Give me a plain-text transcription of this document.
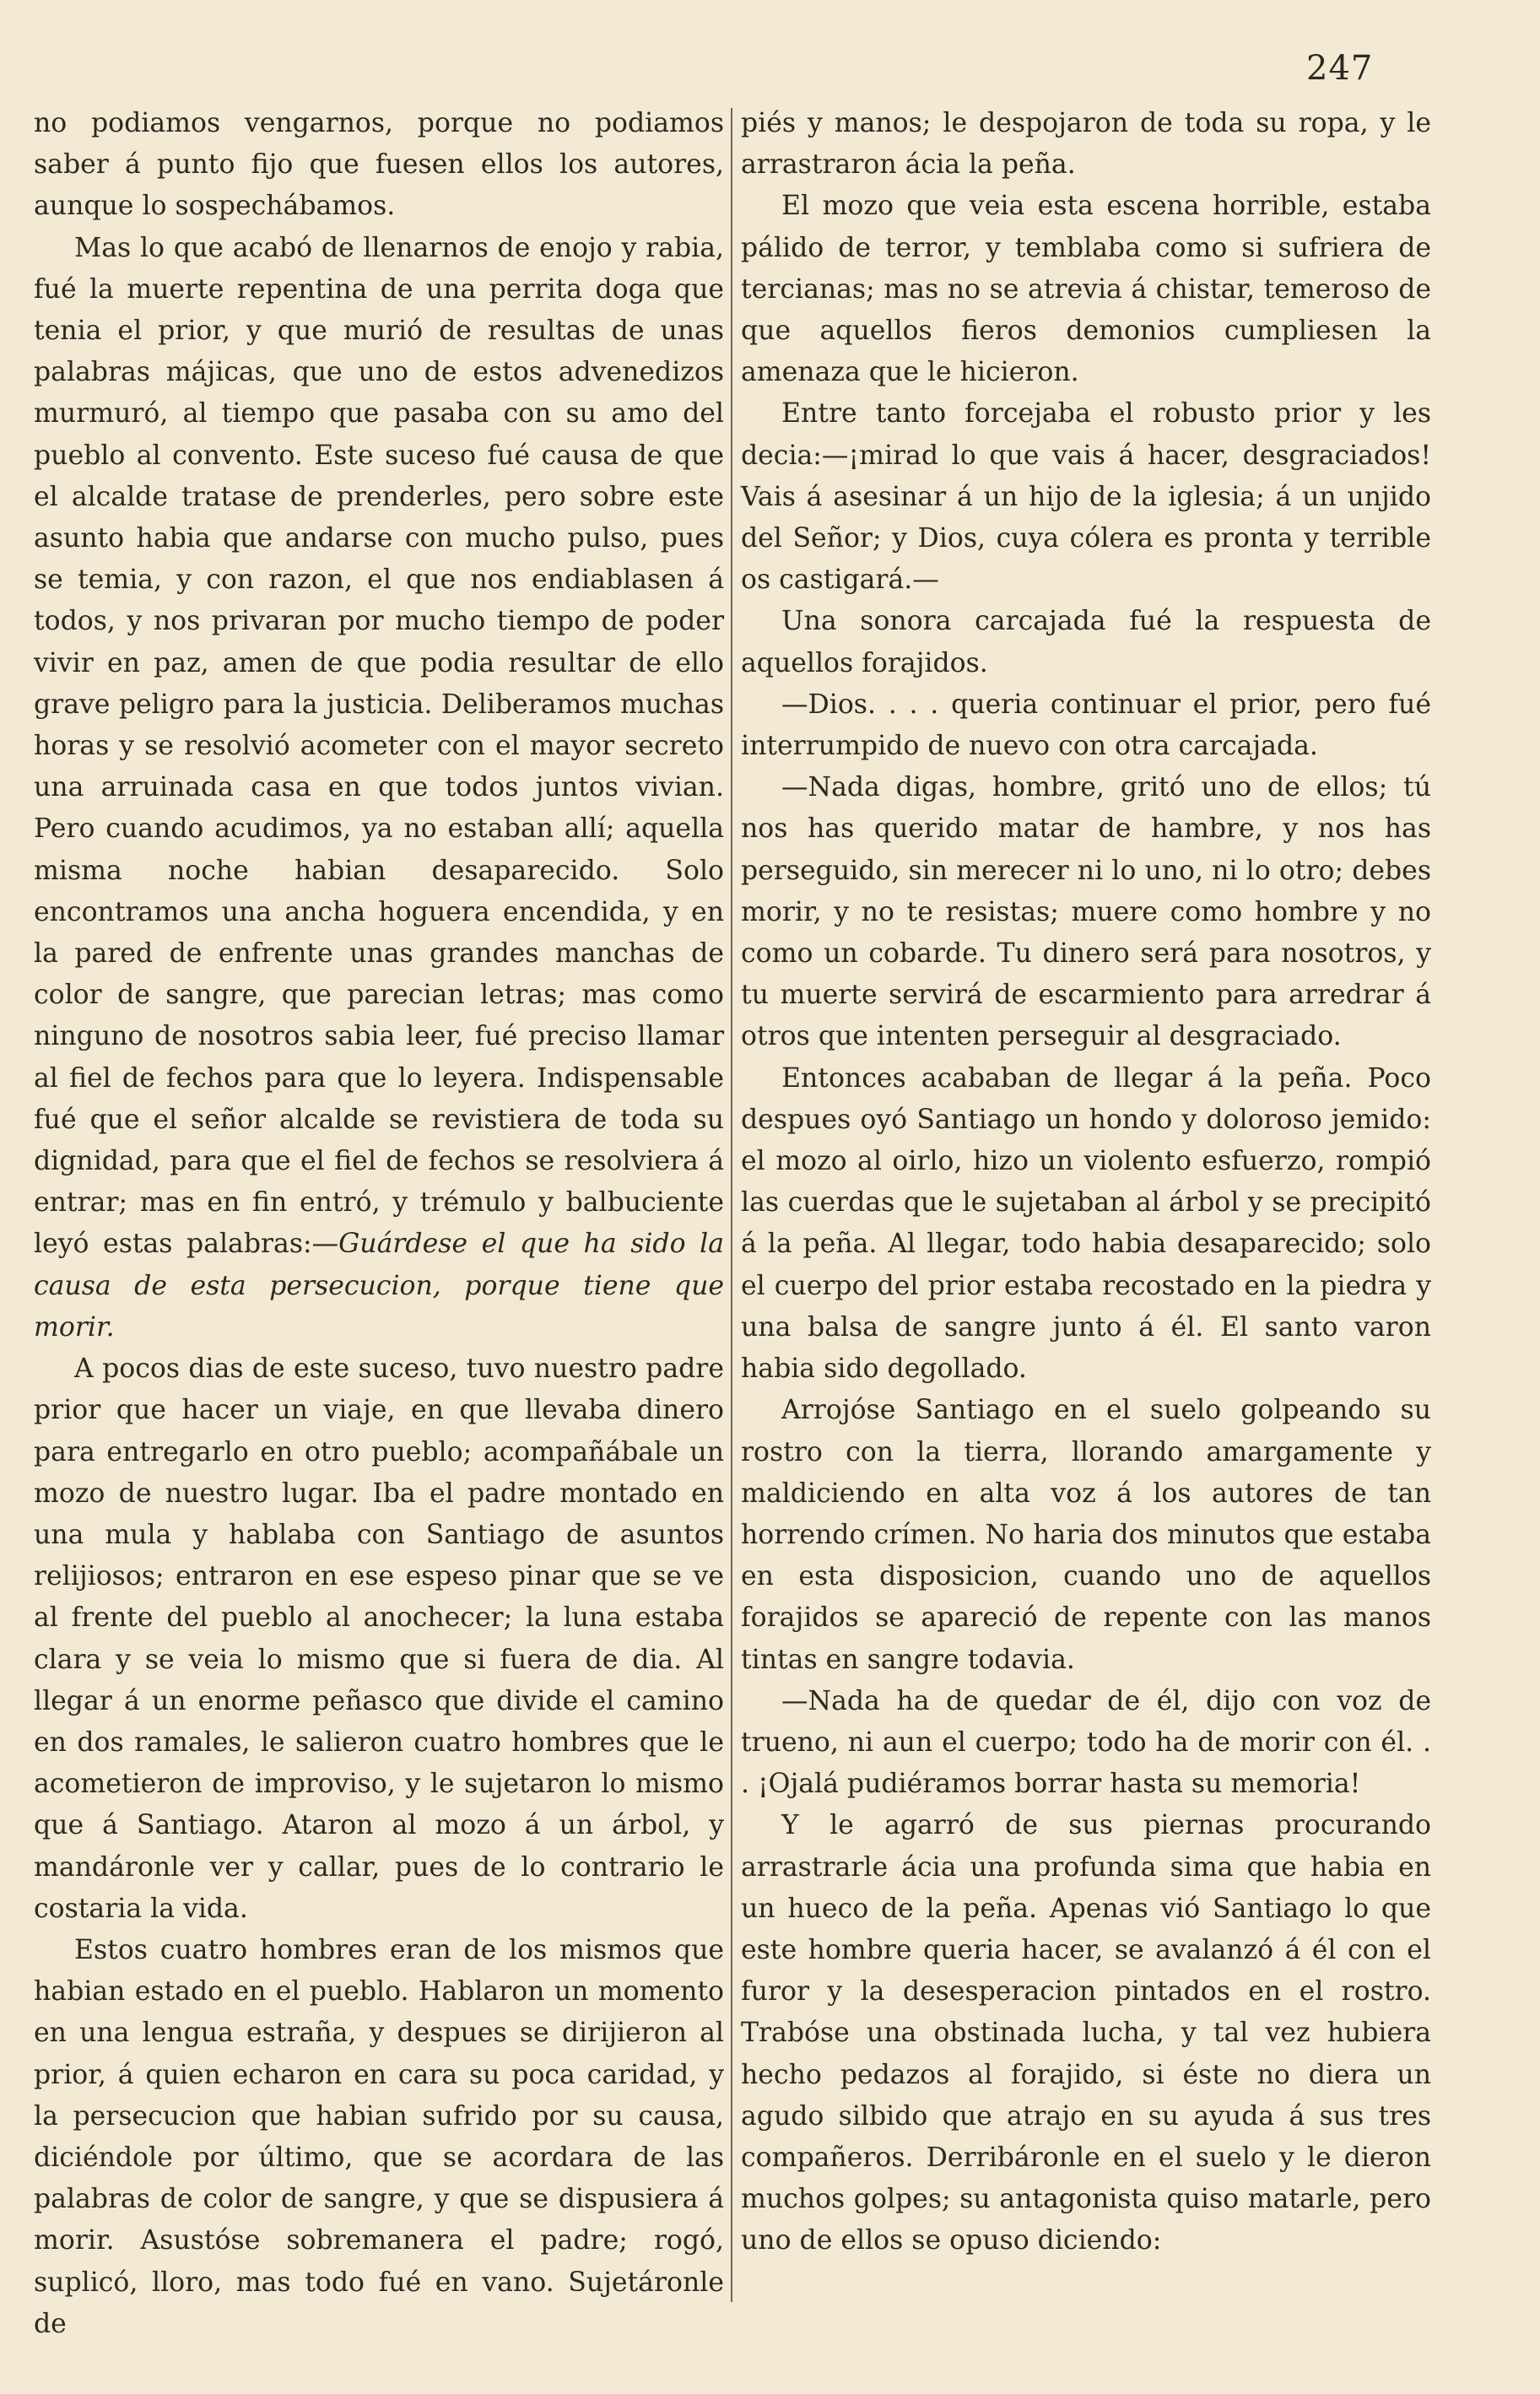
247

no podiamos vengarnos, porque no podiamos saber á punto fijo que fuesen ellos los autores, aunque lo sospechábamos.

Mas lo que acabó de llenarnos de enojo y rabia, fué la muerte repentina de una perrita doga que tenia el prior, y que murió de resultas de unas palabras májicas, que uno de estos advenedizos murmuró, al tiempo que pasaba con su amo del pueblo al convento. Este suceso fué causa de que el alcalde tratase de prenderles, pero sobre este asunto habia que andarse con mucho pulso, pues se temia, y con razon, el que nos endiablasen á todos, y nos privaran por mucho tiempo de poder vivir en paz, amen de que podia resultar de ello grave peligro para la justicia. Deliberamos muchas horas y se resolvió acometer con el mayor secreto una arruinada casa en que todos juntos vivian. Pero cuando acudimos, ya no estaban allí; aquella misma noche habian desaparecido. Solo encontramos una ancha hoguera encendida, y en la pared de enfrente unas grandes manchas de color de sangre, que parecian letras; mas como ninguno de nosotros sabia leer, fué preciso llamar al fiel de fechos para que lo leyera. Indispensable fué que el señor alcalde se revistiera de toda su dignidad, para que el fiel de fechos se resolviera á entrar; mas en fin entró, y trémulo y balbuciente leyó estas palabras:—Guárdese el que ha sido la causa de esta persecucion, porque tiene que morir.

A pocos dias de este suceso, tuvo nuestro padre prior que hacer un viaje, en que llevaba dinero para entregarlo en otro pueblo; acompañábale un mozo de nuestro lugar. Iba el padre montado en una mula y hablaba con Santiago de asuntos relijiosos; entraron en ese espeso pinar que se ve al frente del pueblo al anochecer; la luna estaba clara y se veia lo mismo que si fuera de dia. Al llegar á un enorme peñasco que divide el camino en dos ramales, le salieron cuatro hombres que le acometieron de improviso, y le sujetaron lo mismo que á Santiago. Ataron al mozo á un árbol, y mandáronle ver y callar, pues de lo contrario le costaria la vida.

Estos cuatro hombres eran de los mismos que habian estado en el pueblo. Hablaron un momento en una lengua estraña, y despues se dirijieron al prior, á quien echaron en cara su poca caridad, y la persecucion que habian sufrido por su causa, diciéndole por último, que se acordara de las palabras de color de sangre, y que se dispusiera á morir. Asustóse sobremanera el padre; rogó, suplicó, lloro, mas todo fué en vano. Sujetáronle de

piés y manos; le despojaron de toda su ropa, y le arrastraron ácia la peña.

El mozo que veia esta escena horrible, estaba pálido de terror, y temblaba como si sufriera de tercianas; mas no se atrevia á chistar, temeroso de que aquellos fieros demonios cumpliesen la amenaza que le hicieron.

Entre tanto forcejaba el robusto prior y les decia:—¡mirad lo que vais á hacer, desgraciados! Vais á asesinar á un hijo de la iglesia; á un unjido del Señor; y Dios, cuya cólera es pronta y terrible os castigará.—

Una sonora carcajada fué la respuesta de aquellos forajidos.

—Dios. . . . queria continuar el prior, pero fué interrumpido de nuevo con otra carcajada.

—Nada digas, hombre, gritó uno de ellos; tú nos has querido matar de hambre, y nos has perseguido, sin merecer ni lo uno, ni lo otro; debes morir, y no te resistas; muere como hombre y no como un cobarde. Tu dinero será para nosotros, y tu muerte servirá de escarmiento para arredrar á otros que intenten perseguir al desgraciado.

Entonces acababan de llegar á la peña. Poco despues oyó Santiago un hondo y doloroso jemido: el mozo al oirlo, hizo un violento esfuerzo, rompió las cuerdas que le sujetaban al árbol y se precipitó á la peña. Al llegar, todo habia desaparecido; solo el cuerpo del prior estaba recostado en la piedra y una balsa de sangre junto á él. El santo varon habia sido degollado.

Arrojóse Santiago en el suelo golpeando su rostro con la tierra, llorando amargamente y maldiciendo en alta voz á los autores de tan horrendo crímen. No haria dos minutos que estaba en esta disposicion, cuando uno de aquellos forajidos se apareció de repente con las manos tintas en sangre todavia.

—Nada ha de quedar de él, dijo con voz de trueno, ni aun el cuerpo; todo ha de morir con él. . . ¡Ojalá pudiéramos borrar hasta su memoria!

Y le agarró de sus piernas procurando arrastrarle ácia una profunda sima que habia en un hueco de la peña. Apenas vió Santiago lo que este hombre queria hacer, se avalanzó á él con el furor y la desesperacion pintados en el rostro. Trabóse una obstinada lucha, y tal vez hubiera hecho pedazos al forajido, si éste no diera un agudo silbido que atrajo en su ayuda á sus tres compañeros. Derribáronle en el suelo y le dieron muchos golpes; su antagonista quiso matarle, pero uno de ellos se opuso diciendo:
